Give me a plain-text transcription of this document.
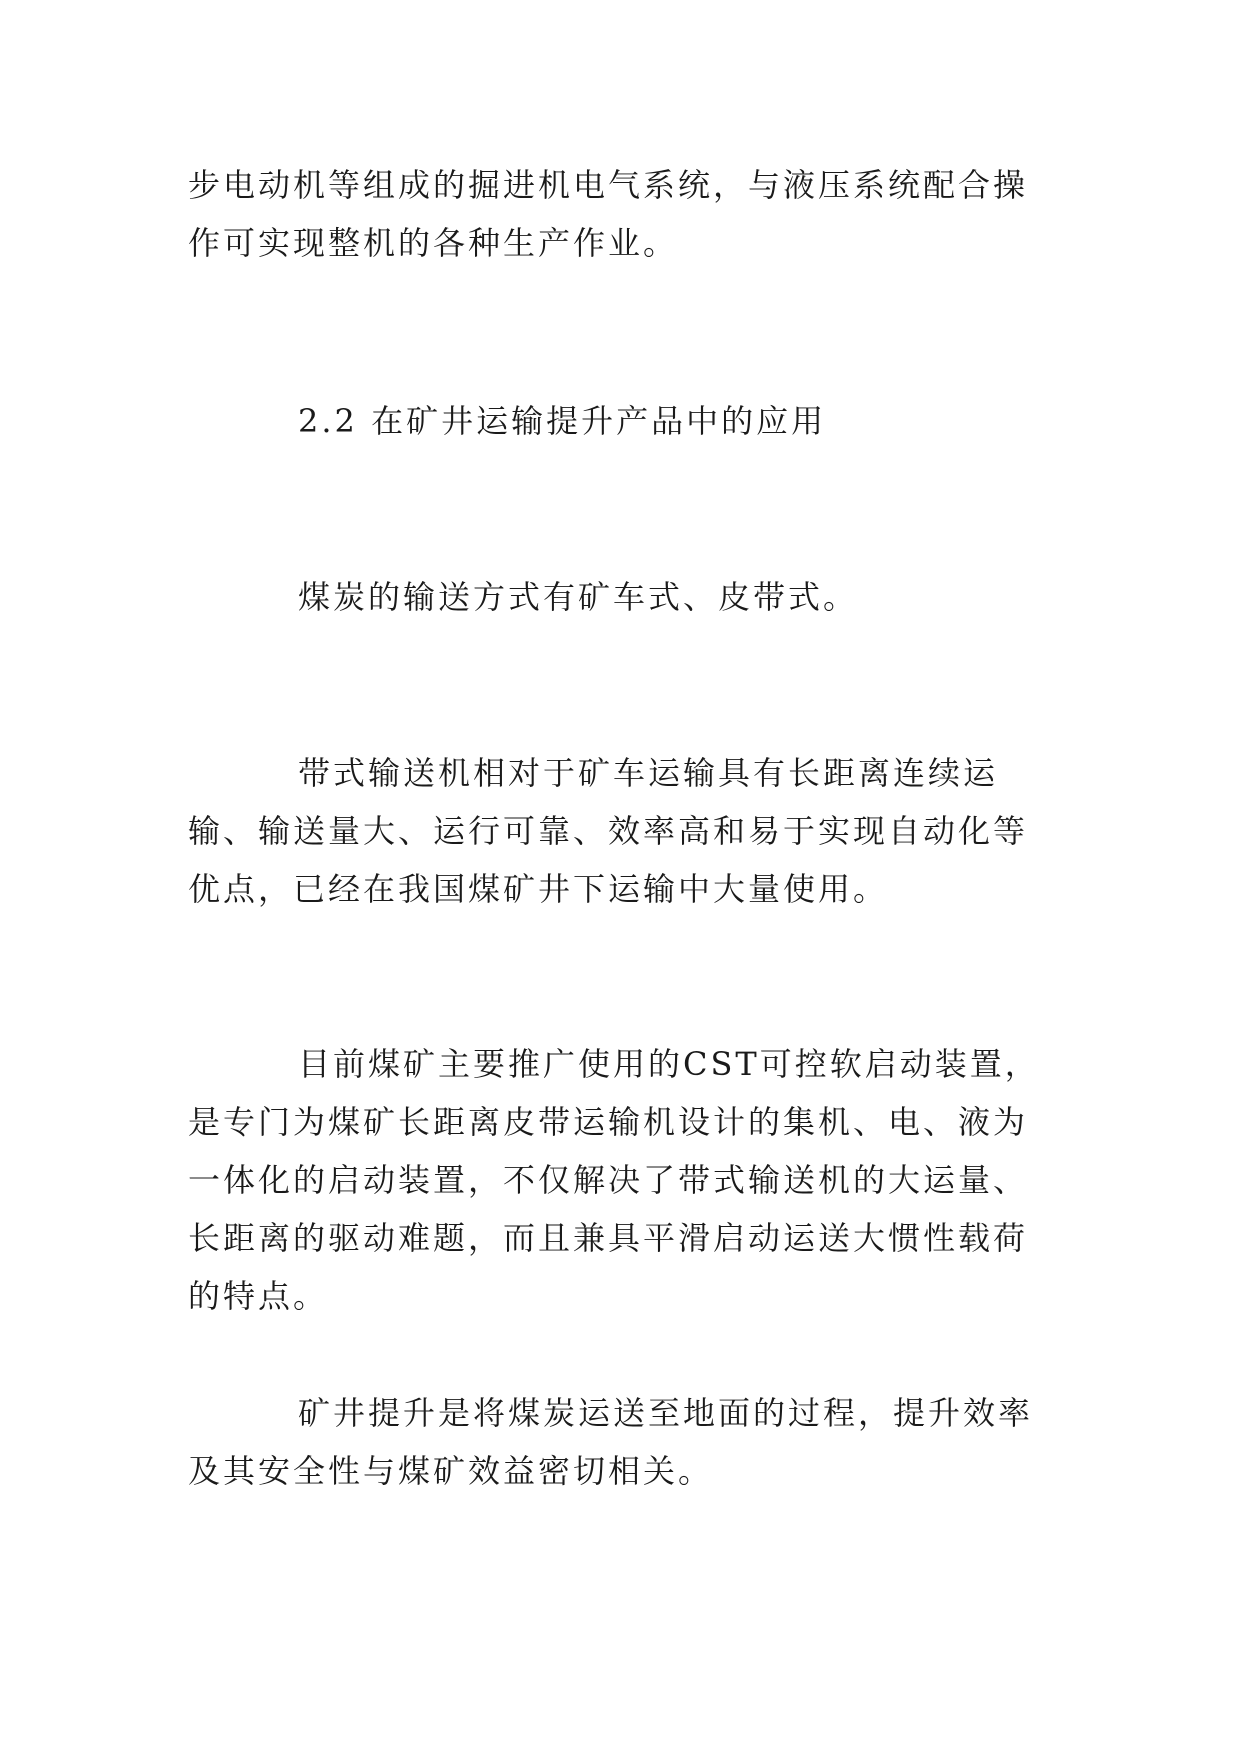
步电动机等组成的掘进机电气系统，与液压系统配合操作可实现整机的各种生产作业。

2.2 在矿井运输提升产品中的应用

煤炭的输送方式有矿车式、皮带式。

带式输送机相对于矿车运输具有长距离连续运输、输送量大、运行可靠、效率高和易于实现自动化等优点，已经在我国煤矿井下运输中大量使用。

目前煤矿主要推广使用的CST可控软启动装置，是专门为煤矿长距离皮带运输机设计的集机、电、液为一体化的启动装置，不仅解决了带式输送机的大运量、长距离的驱动难题，而且兼具平滑启动运送大惯性载荷的特点。

矿井提升是将煤炭运送至地面的过程，提升效率及其安全性与煤矿效益密切相关。
